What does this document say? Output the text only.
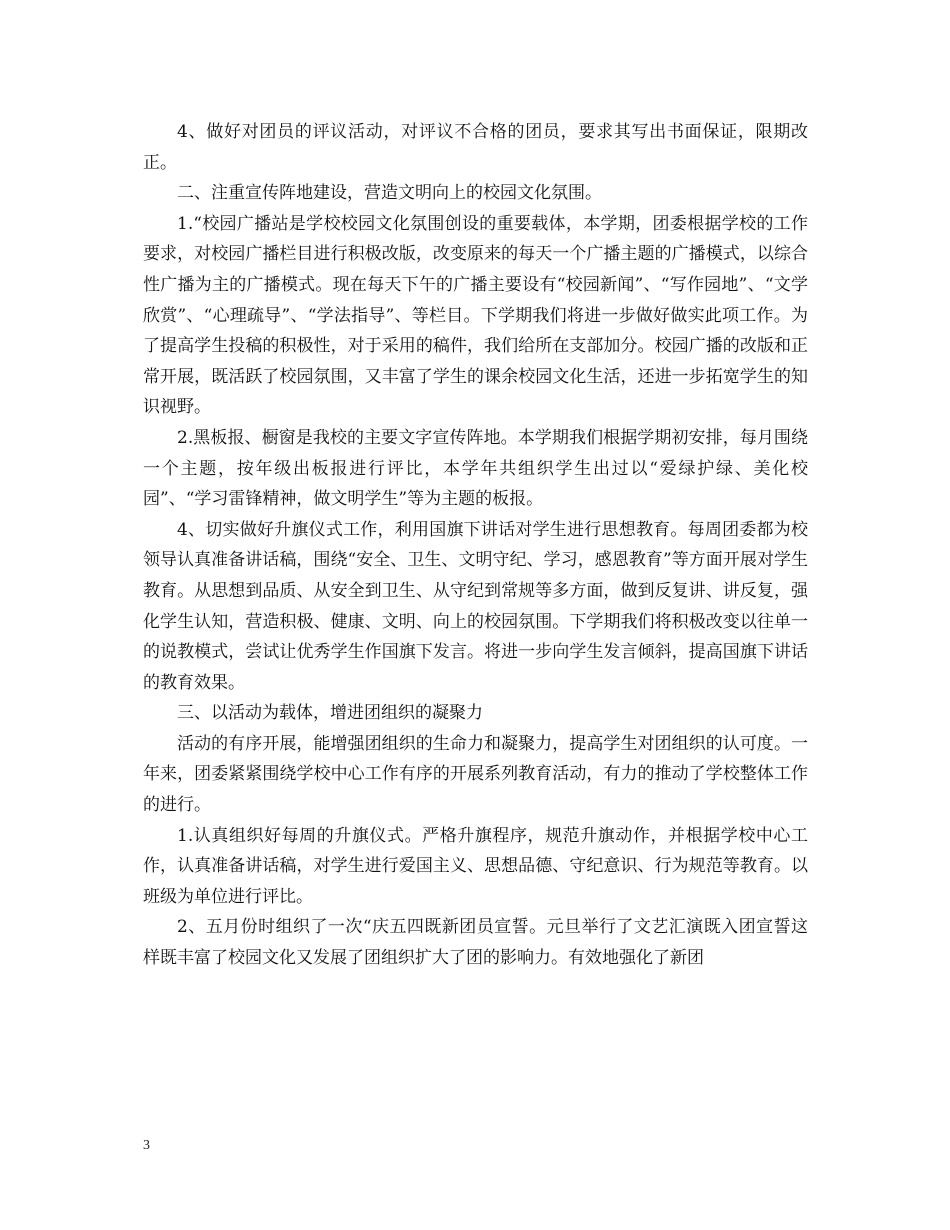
4、做好对团员的评议活动，对评议不合格的团员，要求其写出书面保证，限期改正。

二、注重宣传阵地建设，营造文明向上的校园文化氛围。

1.“校园广播站是学校校园文化氛围创设的重要载体，本学期，团委根据学校的工作要求，对校园广播栏目进行积极改版，改变原来的每天一个广播主题的广播模式，以综合性广播为主的广播模式。现在每天下午的广播主要设有“校园新闻”、“写作园地”、“文学欣赏”、“心理疏导”、“学法指导”、等栏目。下学期我们将进一步做好做实此项工作。为了提高学生投稿的积极性，对于采用的稿件，我们给所在支部加分。校园广播的改版和正常开展，既活跃了校园氛围，又丰富了学生的课余校园文化生活，还进一步拓宽学生的知识视野。

2.黑板报、橱窗是我校的主要文字宣传阵地。本学期我们根据学期初安排，每月围绕一个主题，按年级出板报进行评比，本学年共组织学生出过以“爱绿护绿、美化校园”、“学习雷锋精神，做文明学生”等为主题的板报。

4、切实做好升旗仪式工作，利用国旗下讲话对学生进行思想教育。每周团委都为校领导认真准备讲话稿，围绕“安全、卫生、文明守纪、学习，感恩教育”等方面开展对学生教育。从思想到品质、从安全到卫生、从守纪到常规等多方面，做到反复讲、讲反复，强化学生认知，营造积极、健康、文明、向上的校园氛围。下学期我们将积极改变以往单一的说教模式，尝试让优秀学生作国旗下发言。将进一步向学生发言倾斜，提高国旗下讲话的教育效果。

三、以活动为载体，增进团组织的凝聚力

活动的有序开展，能增强团组织的生命力和凝聚力，提高学生对团组织的认可度。一年来，团委紧紧围绕学校中心工作有序的开展系列教育活动，有力的推动了学校整体工作的进行。

1.认真组织好每周的升旗仪式。严格升旗程序，规范升旗动作，并根据学校中心工作，认真准备讲话稿，对学生进行爱国主义、思想品德、守纪意识、行为规范等教育。以班级为单位进行评比。

2、五月份时组织了一次“庆五四既新团员宣誓。元旦举行了文艺汇演既入团宣誓这样既丰富了校园文化又发展了团组织扩大了团的影响力。有效地强化了新团

3
